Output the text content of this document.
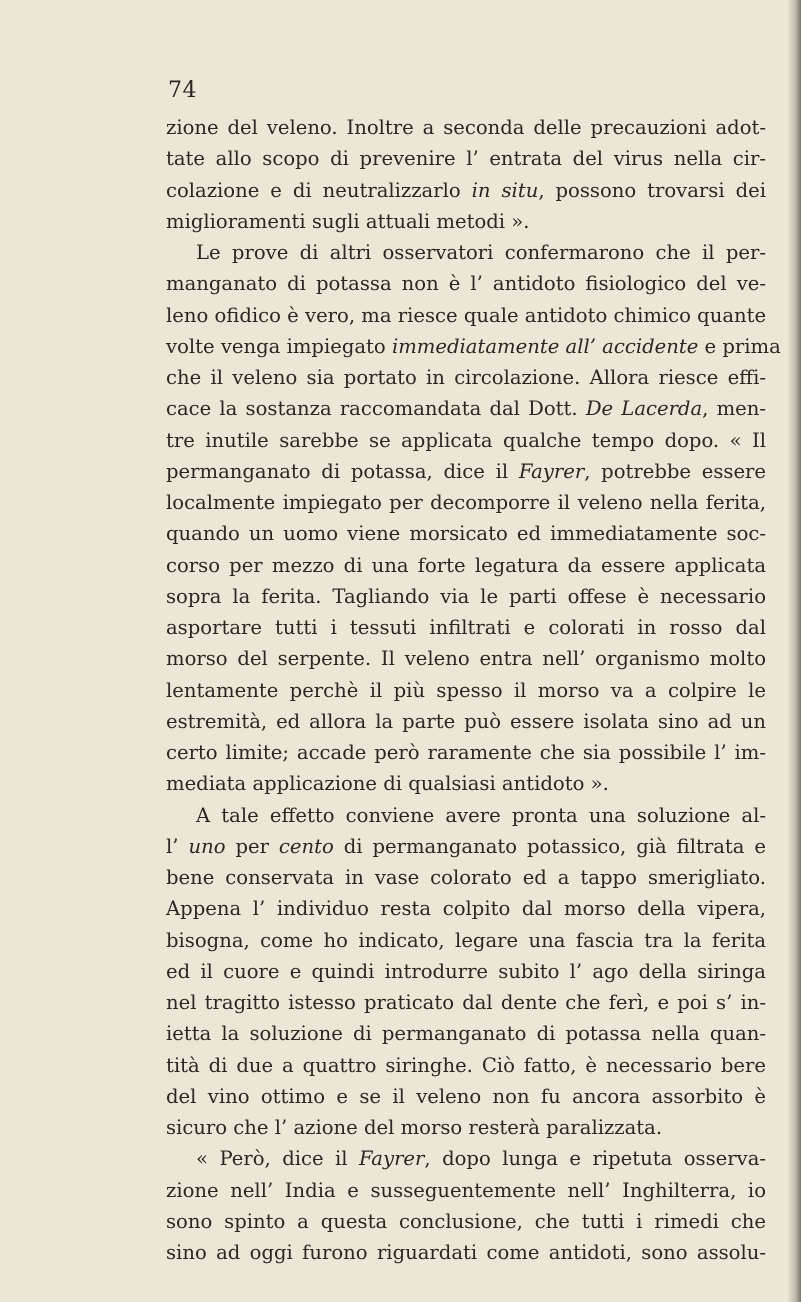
74
zione del veleno. Inoltre a seconda delle precauzioni adot-
tate allo scopo di prevenire l’ entrata del virus nella cir-
colazione e di neutralizzarlo in situ, possono trovarsi dei
miglioramenti sugli attuali metodi ».
Le prove di altri osservatori confermarono che il per-
manganato di potassa non è l’ antidoto fisiologico del ve-
leno ofidico è vero, ma riesce quale antidoto chimico quante
volte venga impiegato immediatamente all’ accidente e prima
che il veleno sia portato in circolazione. Allora riesce effi-
cace la sostanza raccomandata dal Dott. De Lacerda, men-
tre inutile sarebbe se applicata qualche tempo dopo. « Il
permanganato di potassa, dice il Fayrer, potrebbe essere
localmente impiegato per decomporre il veleno nella ferita,
quando un uomo viene morsicato ed immediatamente soc-
corso per mezzo di una forte legatura da essere applicata
sopra la ferita. Tagliando via le parti offese è necessario
asportare tutti i tessuti infiltrati e colorati in rosso dal
morso del serpente. Il veleno entra nell’ organismo molto
lentamente perchè il più spesso il morso va a colpire le
estremità, ed allora la parte può essere isolata sino ad un
certo limite; accade però raramente che sia possibile l’ im-
mediata applicazione di qualsiasi antidoto ».
A tale effetto conviene avere pronta una soluzione al-
l’ uno per cento di permanganato potassico, già filtrata e
bene conservata in vase colorato ed a tappo smerigliato.
Appena l’ individuo resta colpito dal morso della vipera,
bisogna, come ho indicato, legare una fascia tra la ferita
ed il cuore e quindi introdurre subito l’ ago della siringa
nel tragitto istesso praticato dal dente che ferì, e poi s’ in-
ietta la soluzione di permanganato di potassa nella quan-
tità di due a quattro siringhe. Ciò fatto, è necessario bere
del vino ottimo e se il veleno non fu ancora assorbito è
sicuro che l’ azione del morso resterà paralizzata.
« Però, dice il Fayrer, dopo lunga e ripetuta osserva-
zione nell’ India e susseguentemente nell’ Inghilterra, io
sono spinto a questa conclusione, che tutti i rimedi che
sino ad oggi furono riguardati come antidoti, sono assolu-
